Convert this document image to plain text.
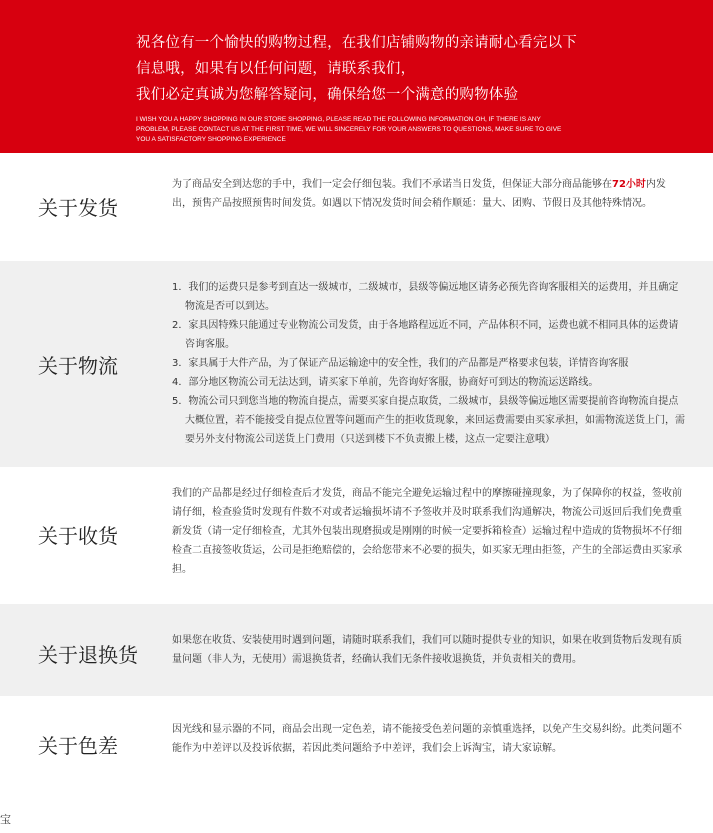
祝各位有一个愉快的购物过程，在我们店铺购物的亲请耐心看完以下
信息哦，如果有以任何问题，请联系我们，
我们必定真诚为您解答疑问，确保给您一个满意的购物体验
I WISH YOU A HAPPY SHOPPING IN OUR STORE SHOPPING, PLEASE READ THE FOLLOWING INFORMATION OH, IF THERE IS ANY PROBLEM, PLEASE CONTACT US AT THE FIRST TIME, WE WILL SINCERELY FOR YOUR ANSWERS TO QUESTIONS, MAKE SURE TO GIVE YOU A SATISFACTORY SHOPPING EXPERIENCE
关于发货
为了商品安全到达您的手中，我们一定会仔细包装。我们不承诺当日发货，但保证大部分商品能够在72小时内发出，预售产品按照预售时间发货。如遇以下情况发货时间会稍作顺延：量大、团购、节假日及其他特殊情况。
关于物流
1．我们的运费只是参考到直达一级城市，二级城市，县级等偏远地区请务必预先咨询客服相关的运费用，并且确定物流是否可以到达。
2．家具因特殊只能通过专业物流公司发货，由于各地路程远近不同，产品体积不同，运费也就不相同具体的运费请咨询客服。
3．家具属于大件产品，为了保证产品运输途中的安全性，我们的产品都是严格要求包装，详情咨询客服
4．部分地区物流公司无法达到，请买家下单前，先咨询好客服，协商好可到达的物流运送路线。
5．物流公司只到您当地的物流自提点，需要买家自提点取货，二级城市，县级等偏远地区需要提前咨询物流自提点大概位置，若不能接受自提点位置等问题而产生的拒收货现象，来回运费需要由买家承担，如需物流送货上门，需要另外支付物流公司送货上门费用（只送到楼下不负责搬上楼，这点一定要注意哦）
关于收货
我们的产品都是经过仔细检查后才发货，商品不能完全避免运输过程中的摩擦碰撞现象，为了保障你的权益，签收前请仔细，检查验货时发现有件数不对或者运输损坏请不予签收并及时联系我们沟通解决，物流公司返回后我们免费重新发货（请一定仔细检查，尤其外包装出现磨损或是刚刚的时候一定要拆箱检查）运输过程中造成的货物损坏不仔细检查二直接签收货运，公司是拒绝赔偿的，会给您带来不必要的损失，如买家无理由拒签，产生的全部运费由买家承担。
关于退换货
如果您在收货、安装使用时遇到问题，请随时联系我们，我们可以随时提供专业的知识，如果在收到货物后发现有质量问题（非人为，无使用）需退换货者，经确认我们无条件接收退换货，并负责相关的费用。
关于色差
因光线和显示器的不同，商品会出现一定色差，请不能接受色差问题的亲慎重选择，以免产生交易纠纷。此类问题不能作为中差评以及投诉依据，若因此类问题给予中差评，我们会上诉淘宝，请大家谅解。
宝
